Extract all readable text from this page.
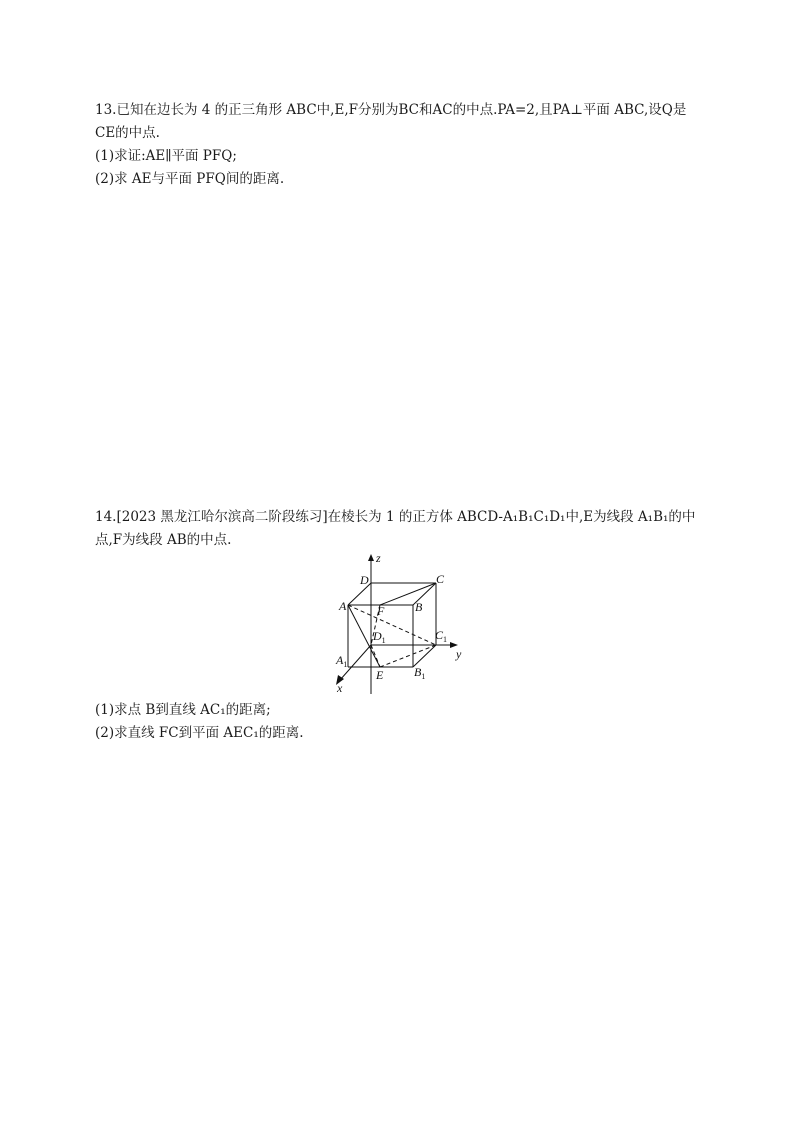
13.已知在边长为 4 的正三角形 ABC中,E,F分别为BC和AC的中点.PA=2,且PA⊥平面 ABC,设Q是
CE的中点.
(1)求证:AE∥平面 PFQ;
(2)求 AE与平面 PFQ间的距离.
14.[2023 黑龙江哈尔滨高二阶段练习]在棱长为 1 的正方体 ABCD-A₁B₁C₁D₁中,E为线段 A₁B₁的中
点,F为线段 AB的中点.
z
y
x
D	C
A	B
F
$D_1$	$C_1$
$A_1$
$B_1$
E
(1)求点 B到直线 AC₁的距离;
(2)求直线 FC到平面 AEC₁的距离.
